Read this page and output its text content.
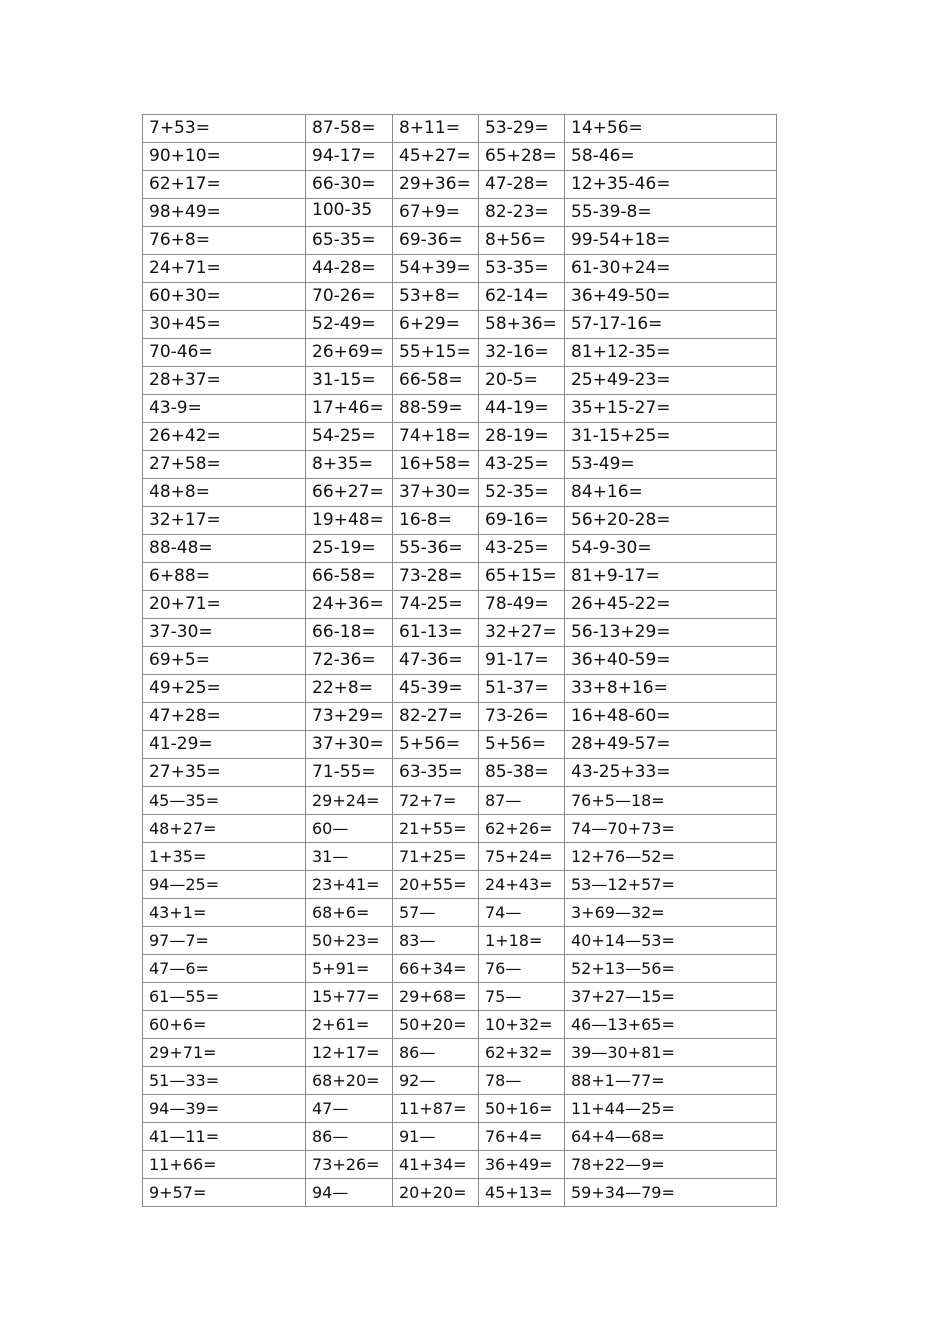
7+53=	87-58=	8+11=	53-29=	14+56=
90+10=	94-17=	45+27=	65+28=	58-46=
62+17=	66-30=	29+36=	47-28=	12+35-46=
98+49=	100-35	67+9=	82-23=	55-39-8=
76+8=	65-35=	69-36=	8+56=	99-54+18=
24+71=	44-28=	54+39=	53-35=	61-30+24=
60+30=	70-26=	53+8=	62-14=	36+49-50=
30+45=	52-49=	6+29=	58+36=	57-17-16=
70-46=	26+69=	55+15=	32-16=	81+12-35=
28+37=	31-15=	66-58=	20-5=	25+49-23=
43-9=	17+46=	88-59=	44-19=	35+15-27=
26+42=	54-25=	74+18=	28-19=	31-15+25=
27+58=	8+35=	16+58=	43-25=	53-49=
48+8=	66+27=	37+30=	52-35=	84+16=
32+17=	19+48=	16-8=	69-16=	56+20-28=
88-48=	25-19=	55-36=	43-25=	54-9-30=
6+88=	66-58=	73-28=	65+15=	81+9-17=
20+71=	24+36=	74-25=	78-49=	26+45-22=
37-30=	66-18=	61-13=	32+27=	56-13+29=
69+5=	72-36=	47-36=	91-17=	36+40-59=
49+25=	22+8=	45-39=	51-37=	33+8+16=
47+28=	73+29=	82-27=	73-26=	16+48-60=
41-29=	37+30=	5+56=	5+56=	28+49-57=
27+35=	71-55=	63-35=	85-38=	43-25+33=
45—35=	29+24=	72+7=	87—	76+5—18=
48+27=	60—	21+55=	62+26=	74—70+73=
1+35=	31—	71+25=	75+24=	12+76—52=
94—25=	23+41=	20+55=	24+43=	53—12+57=
43+1=	68+6=	57—	74—	3+69—32=
97—7=	50+23=	83—	1+18=	40+14—53=
47—6=	5+91=	66+34=	76—	52+13—56=
61—55=	15+77=	29+68=	75—	37+27—15=
60+6=	2+61=	50+20=	10+32=	46—13+65=
29+71=	12+17=	86—	62+32=	39—30+81=
51—33=	68+20=	92—	78—	88+1—77=
94—39=	47—	11+87=	50+16=	11+44—25=
41—11=	86—	91—	76+4=	64+4—68=
11+66=	73+26=	41+34=	36+49=	78+22—9=
9+57=	94—	20+20=	45+13=	59+34—79=
